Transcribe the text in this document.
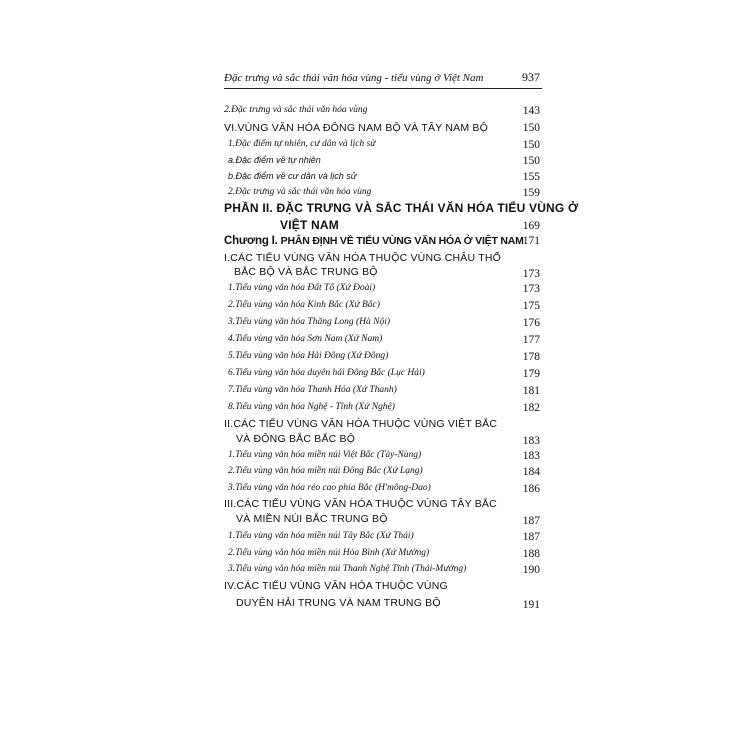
Đặc trưng và sắc thái văn hóa vùng - tiểu vùng ở Việt Nam	937
2.Đặc trưng và sắc thái văn hóa vùng	143
VI.VÙNG VĂN HÓA ĐÔNG NAM BỘ VÀ TÂY NAM BỘ	150
1.Đặc điểm tự nhiên, cư dân và lịch sử	150
a.Đặc điểm về tự nhiên	150
b.Đặc điểm về cư dân và lịch sử	155
2.Đặc trưng và sắc thái văn hóa vùng	159
PHẦN II. ĐẶC TRƯNG VÀ SẮC THÁI VĂN HÓA TIỂU VÙNG Ở
VIỆT NAM	169
Chương I. PHÂN ĐỊNH VỀ TIỂU VÙNG VĂN HÓA Ở VIỆT NAM 171
I.CÁC TIỂU VÙNG VĂN HÓA THUỘC VÙNG CHÂU THỔ
BẮC BỘ VÀ BẮC TRUNG BỘ	173
1.Tiểu vùng văn hóa Đất Tổ (Xứ Đoài)	173
2.Tiểu vùng văn hóa Kinh Bắc (Xứ Bắc)	175
3.Tiểu vùng văn hóa Thăng Long (Hà Nội)	176
4.Tiểu vùng văn hóa Sơn Nam (Xứ Nam)	177
5.Tiểu vùng văn hóa Hải Đông (Xứ Đông)	178
6.Tiểu vùng văn hóa duyên hải Đông Bắc (Lục Hải)	179
7.Tiểu vùng văn hóa Thanh Hóa (Xứ Thanh)	181
8.Tiểu vùng văn hóa Nghệ - Tĩnh (Xứ Nghệ)	182
II.CÁC TIỂU VÙNG VĂN HÓA THUỘC VÙNG VIỆT BẮC
VÀ ĐÔNG BẮC BẮC BỘ	183
1.Tiểu vùng văn hóa miền núi Việt Bắc (Tày-Nùng)	183
2.Tiểu vùng văn hóa miền núi Đông Bắc (Xứ Lạng)	184
3.Tiểu vùng văn hóa rẻo cao phía Bắc (H'mông-Dao)	186
III.CÁC TIỂU VÙNG VĂN HÓA THUỘC VÙNG TÂY BẮC
VÀ MIỀN NÚI BẮC TRUNG BỘ	187
1.Tiểu vùng văn hóa miền núi Tây Bắc (Xứ Thái)	187
2.Tiểu vùng văn hóa miền núi Hòa Bình (Xứ Mường)	188
3.Tiểu vùng văn hóa miền núi Thanh Nghệ Tĩnh (Thái-Mường)	190
IV.CÁC TIỂU VÙNG VĂN HÓA THUỘC VÙNG
DUYÊN HẢI TRUNG VÀ NAM TRUNG BỘ	191
